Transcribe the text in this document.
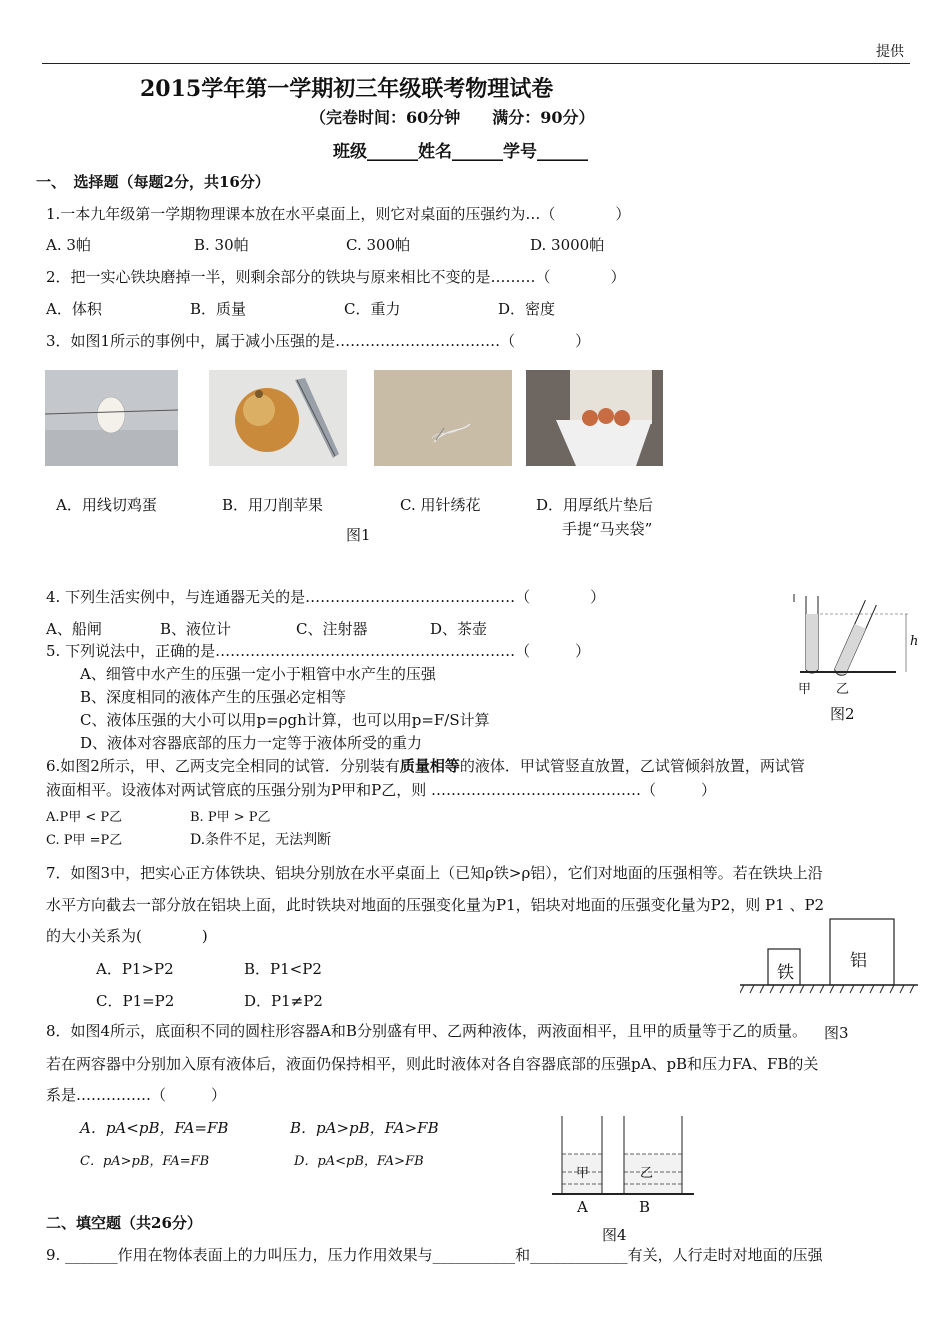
提供
2015学年第一学期初三年级联考物理试卷
（完卷时间：60分钟　　满分：90分）
班级______姓名______学号______
一、　选择题（每题2分，共16分）
1.一本九年级第一学期物理课本放在水平桌面上，则它对桌面的压强约为…（　　　　）
A. 3帕	B. 30帕	C. 300帕	D. 3000帕
2．把一实心铁块磨掉一半，则剩余部分的铁块与原来相比不变的是………（　　　　）
A．体积	B．质量	C．重力	D．密度
3．如图1所示的事例中，属于减小压强的是……………………………（　　　　）
A．用线切鸡蛋	B．用刀削苹果	C. 用针绣花	D．用厚纸片垫后
手提“马夹袋”
图1
4. 下列生活实例中，与连通器无关的是……………………………………（　　　　）
A、船闸	B、液位计	C、注射器	D、茶壶
h
甲 乙
图2
5. 下列说法中，正确的是……………………………………………………（　　　）
A、细管中水产生的压强一定小于粗管中水产生的压强
B、深度相同的液体产生的压强必定相等
C、液体压强的大小可以用p=ρgh计算，也可以用p=F/S计算
D、液体对容器底部的压力一定等于液体所受的重力
6.如图2所示，甲、乙两支完全相同的试管．分别装有质量相等的液体．甲试管竖直放置，乙试管倾斜放置，两试管
液面相平。设液体对两试管底的压强分别为P甲和P乙，则 ……………………………………（　　　）
A.P甲 < P乙	B. P甲 > P乙
C. P甲 =P乙	D.条件不足，无法判断
7．如图3中，把实心正方体铁块、铝块分别放在水平桌面上（已知ρ铁>ρ铝），它们对地面的压强相等。若在铁块上沿
水平方向截去一部分放在铝块上面，此时铁块对地面的压强变化量为P1，铝块对地面的压强变化量为P2，则 P1 、P2
的大小关系为(　　　　)
A．P1>P2	B．P1<P2
C．P1=P2	D．P1≠P2
铁
铝
图3
8．如图4所示，底面积不同的圆柱形容器A和B分别盛有甲、乙两种液体，两液面相平，且甲的质量等于乙的质量。
若在两容器中分别加入原有液体后，液面仍保持相平，则此时液体对各自容器底部的压强pA、pB和压力FA、FB的关
系是……………（　　　）
A．pA<pB，FA=FB	B．pA>pB，FA>FB
C．pA>pB，FA=FB	D．pA<pB，FA>FB
甲	乙
A	B
图4
二、填空题（共26分）
9. _______作用在物体表面上的力叫压力，压力作用效果与___________和_____________有关，人行走时对地面的压强
